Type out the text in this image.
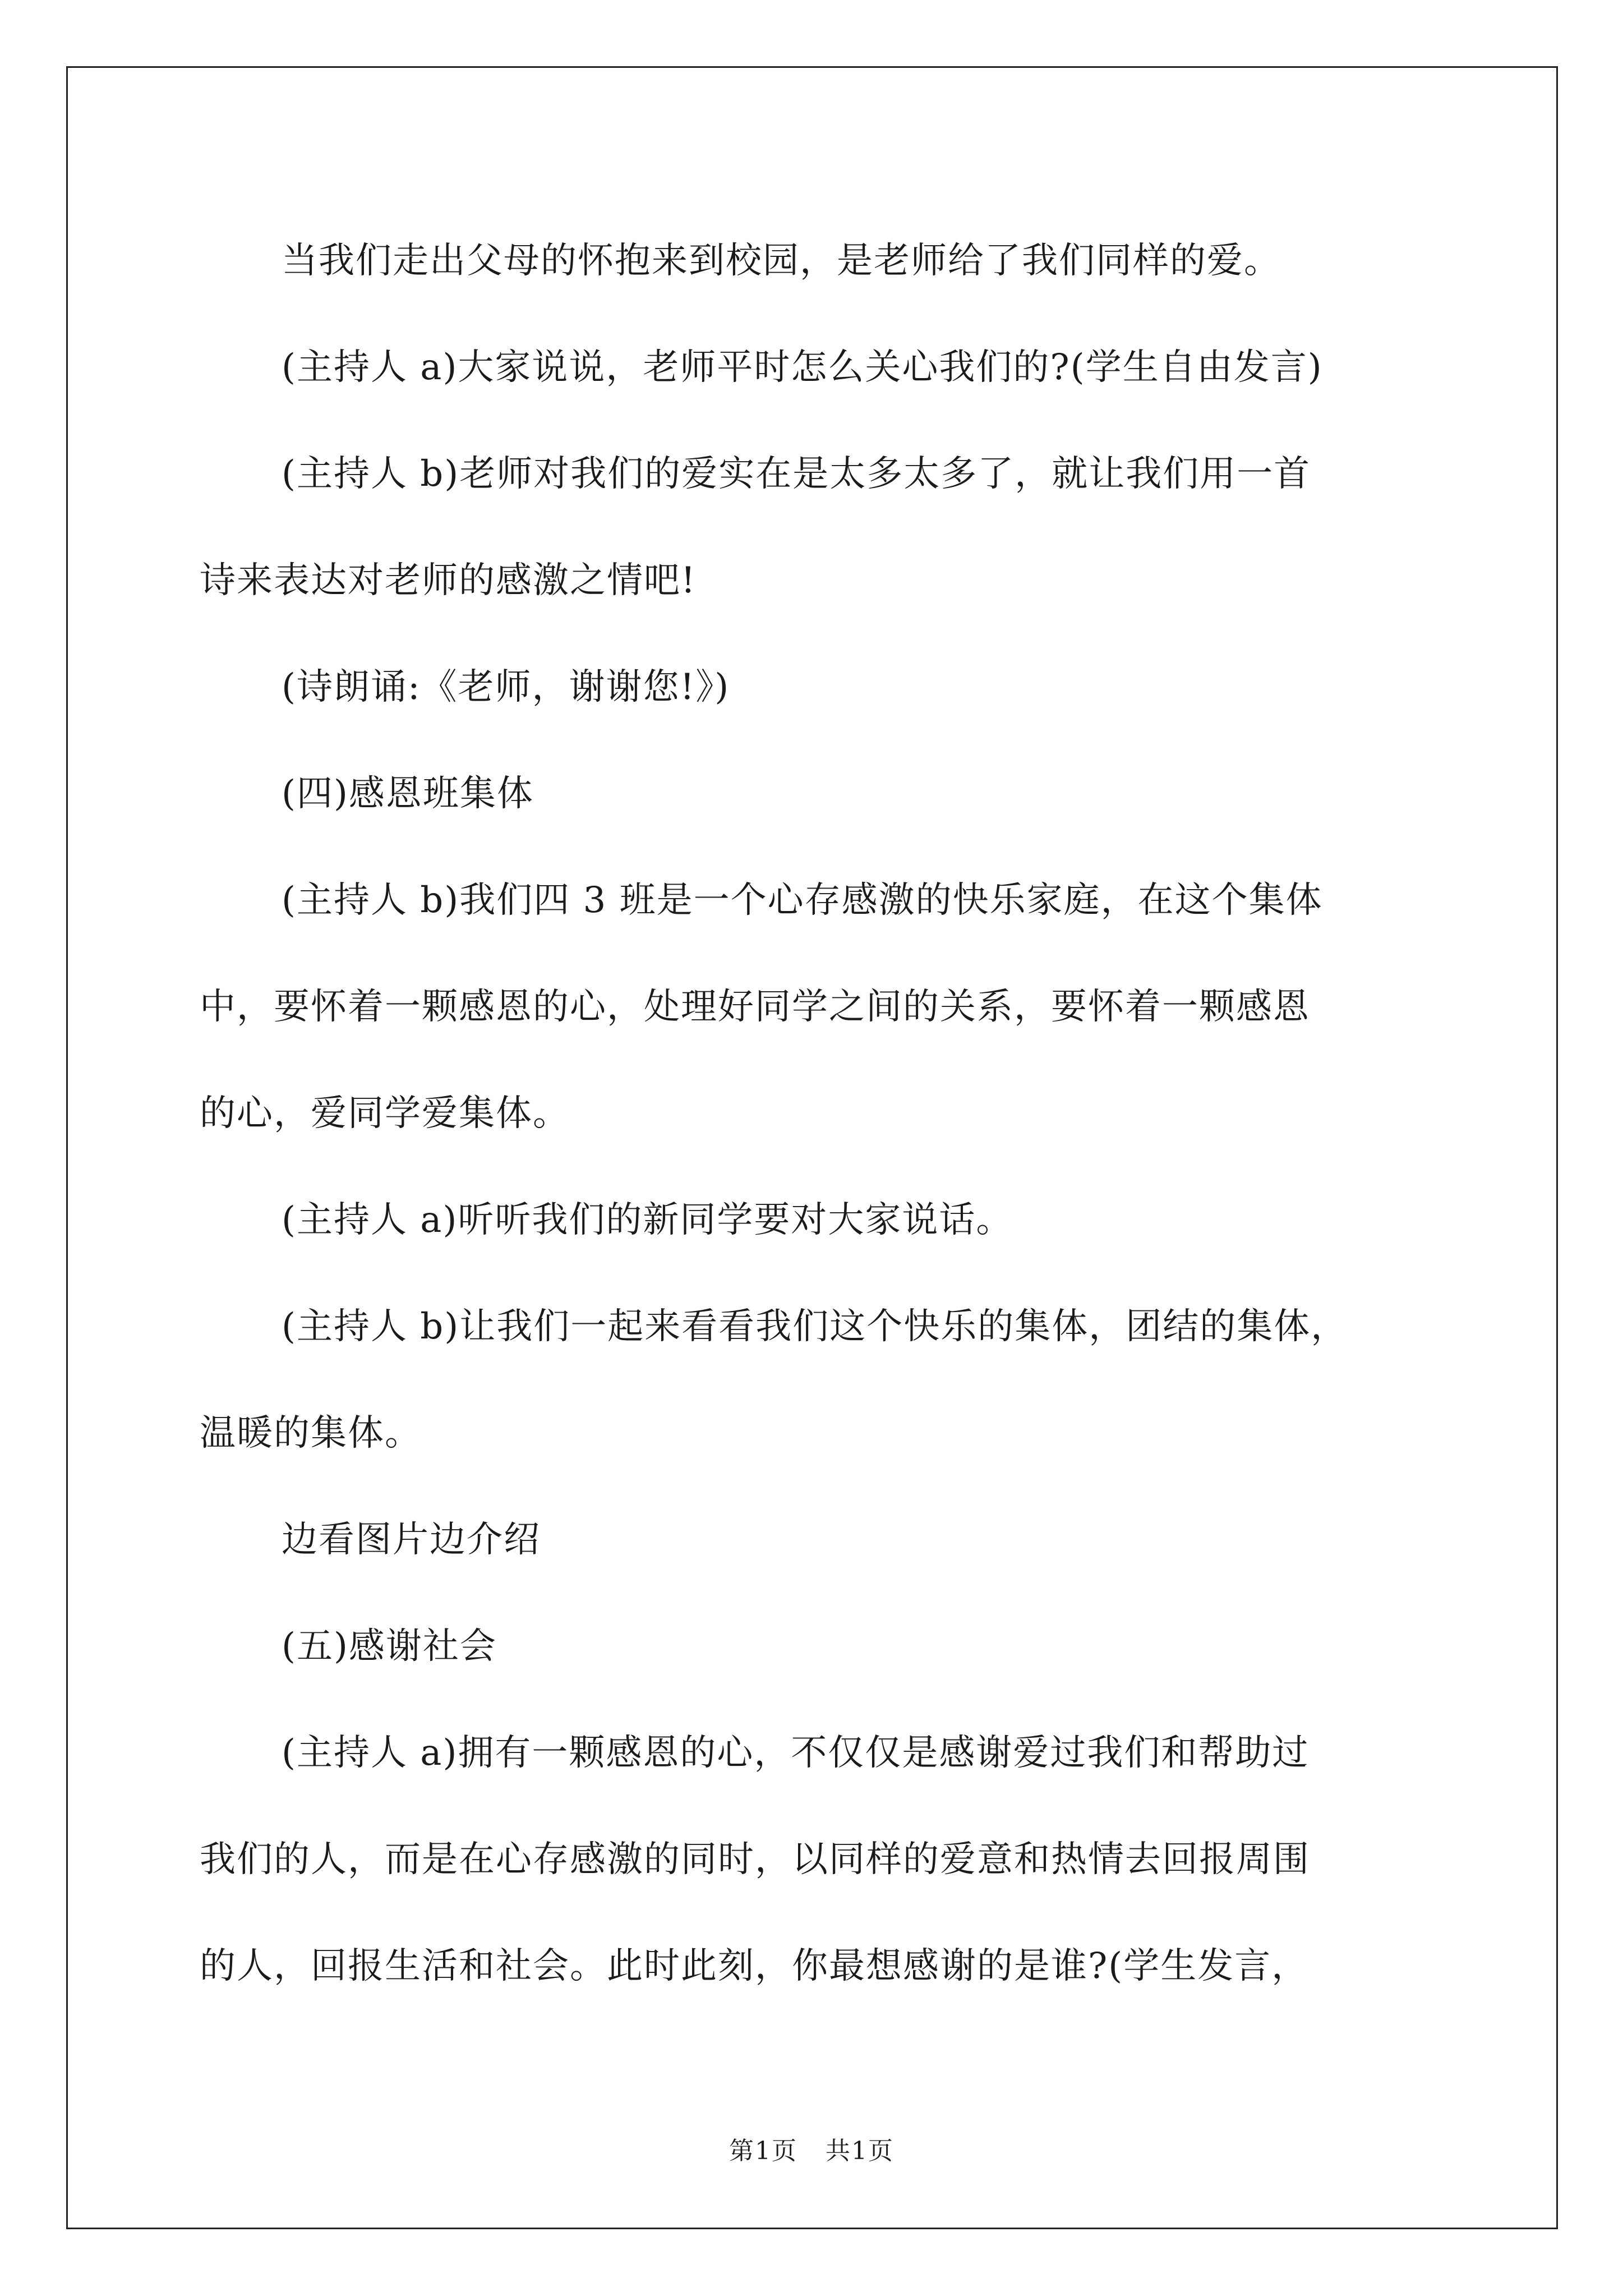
当我们走出父母的怀抱来到校园，是老师给了我们同样的爱。

(主持人 a)大家说说，老师平时怎么关心我们的?(学生自由发言)

(主持人 b)老师对我们的爱实在是太多太多了，就让我们用一首

诗来表达对老师的感激之情吧!

(诗朗诵:《老师，谢谢您!》)

(四)感恩班集体

(主持人 b)我们四 3 班是一个心存感激的快乐家庭，在这个集体

中，要怀着一颗感恩的心，处理好同学之间的关系，要怀着一颗感恩

的心，爱同学爱集体。

(主持人 a)听听我们的新同学要对大家说话。

(主持人 b)让我们一起来看看我们这个快乐的集体，团结的集体，

温暖的集体。

边看图片边介绍

(五)感谢社会

(主持人 a)拥有一颗感恩的心，不仅仅是感谢爱过我们和帮助过

我们的人，而是在心存感激的同时，以同样的爱意和热情去回报周围

的人，回报生活和社会。此时此刻，你最想感谢的是谁?(学生发言，

第1页 共1页
